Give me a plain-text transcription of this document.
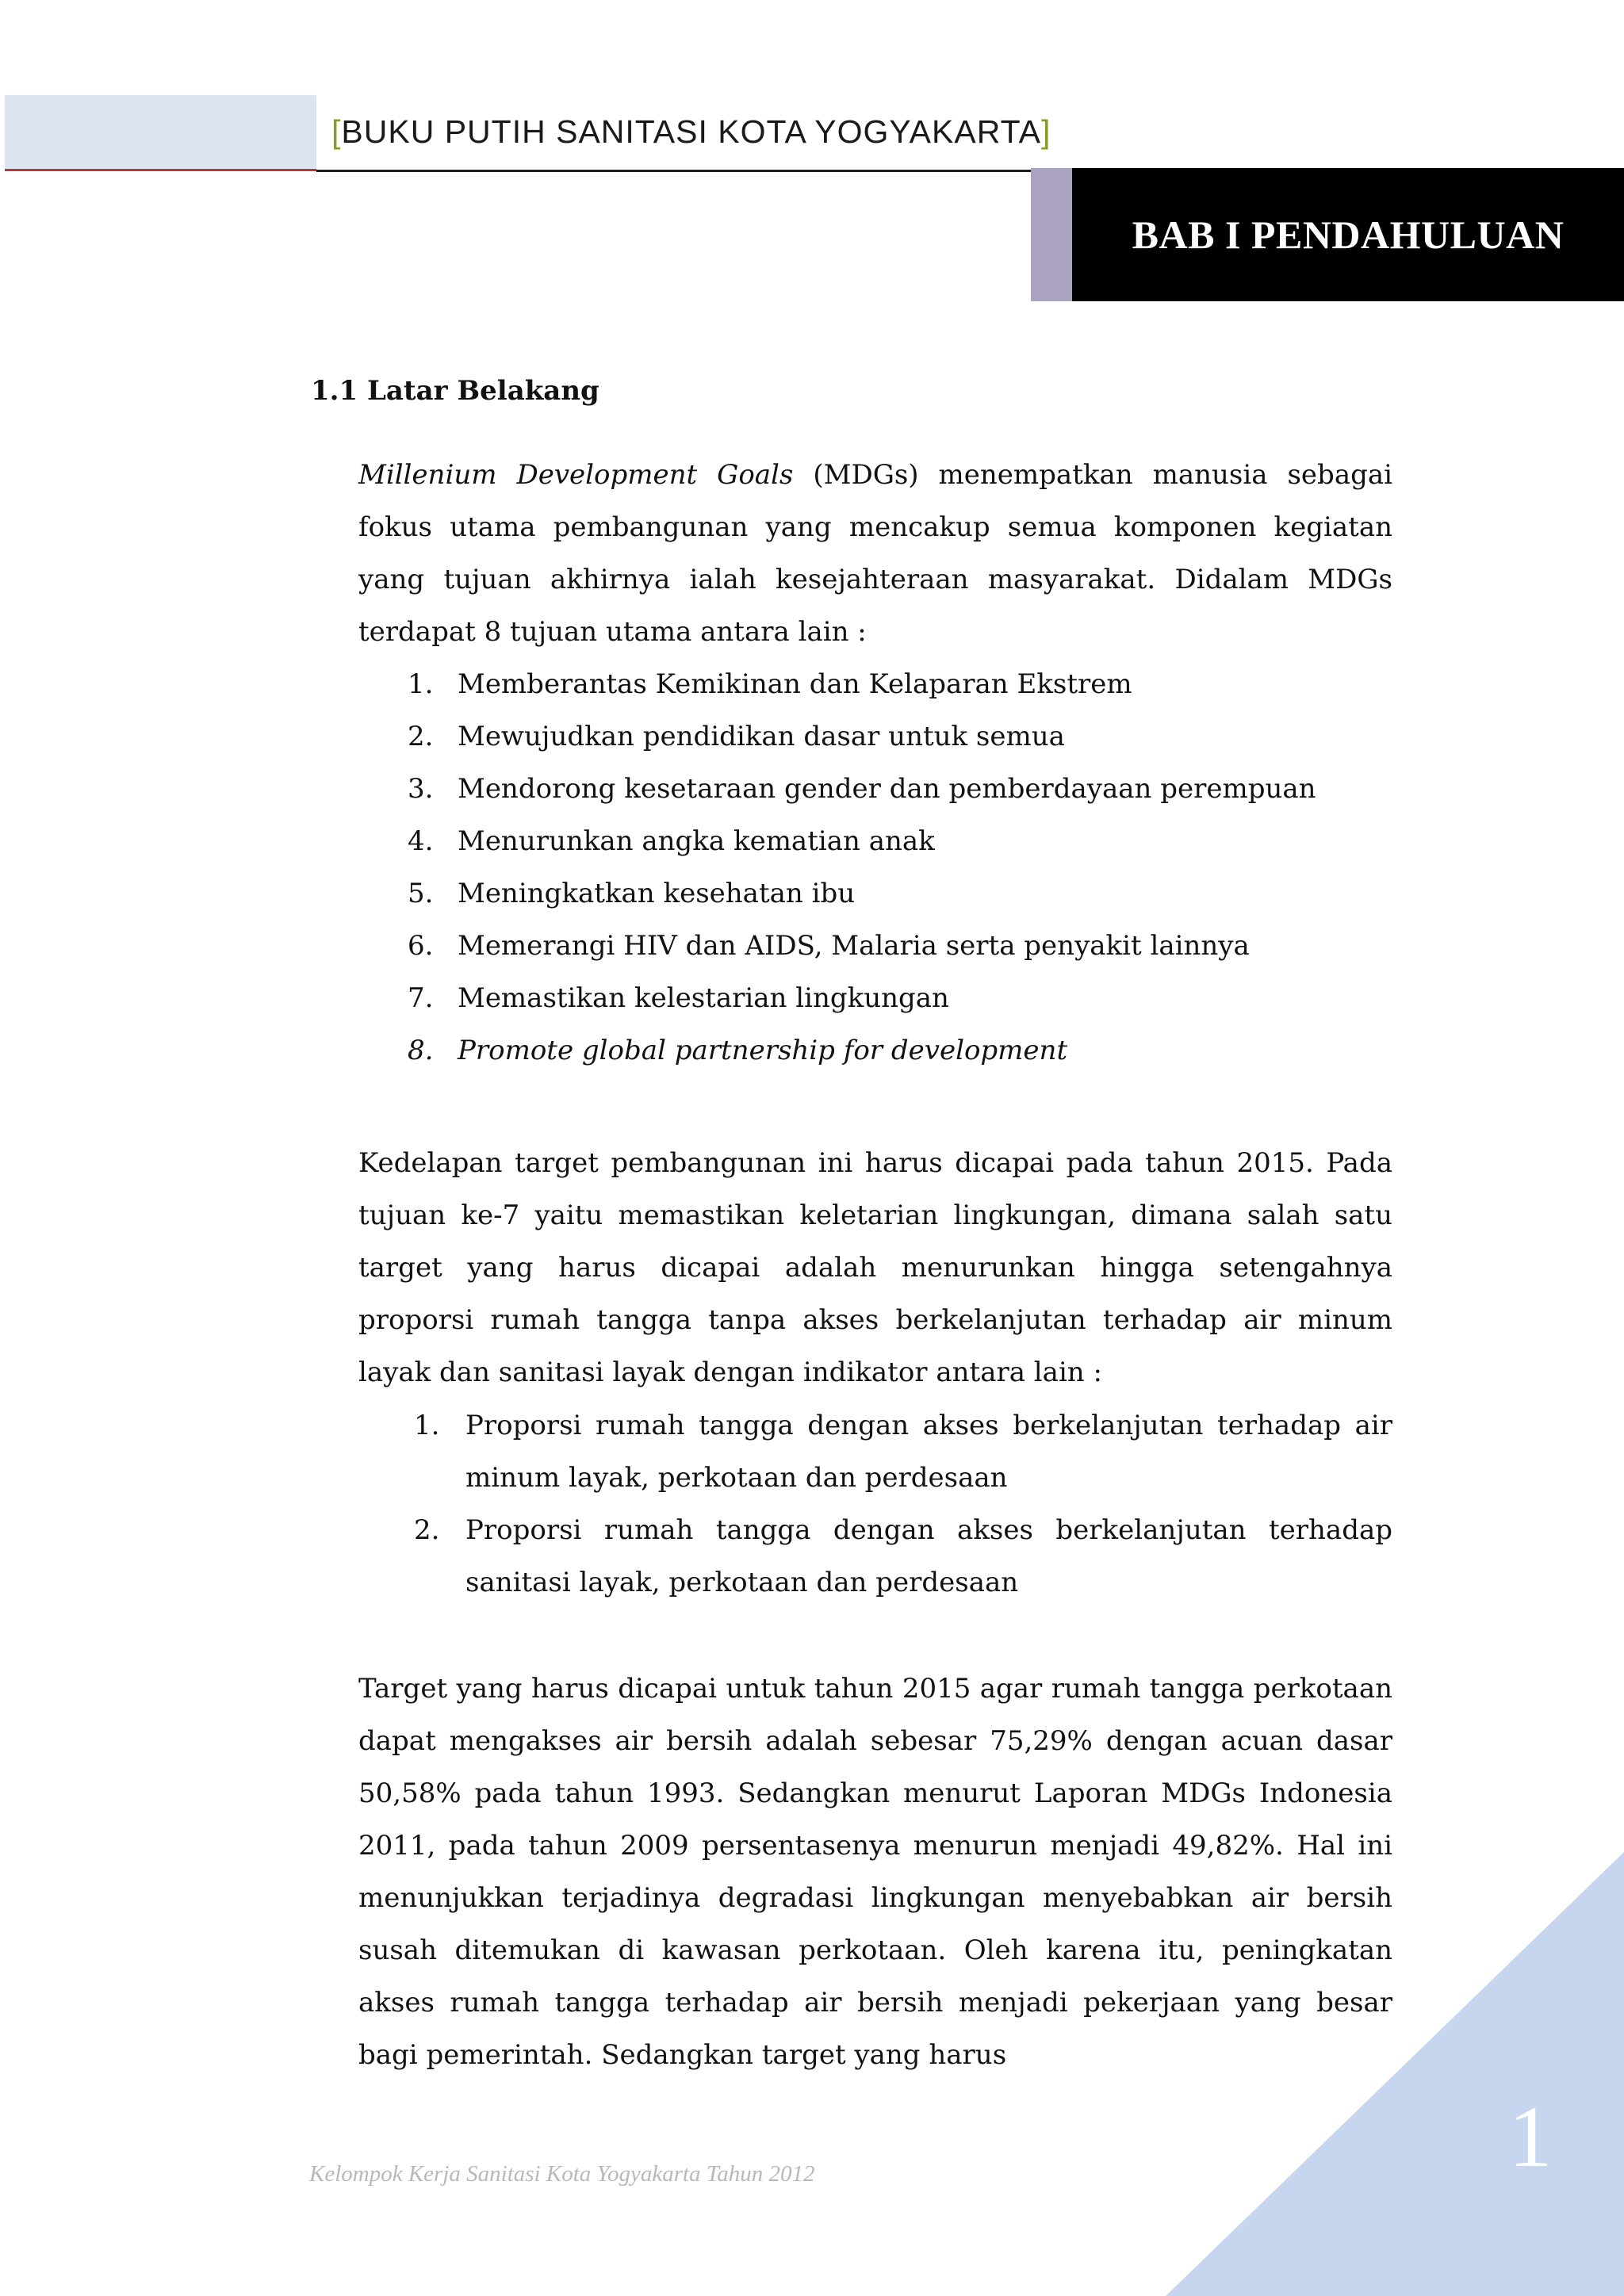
[BUKU PUTIH SANITASI KOTA YOGYAKARTA]
BAB I PENDAHULUAN
1.1 Latar Belakang
Millenium Development Goals (MDGs) menempatkan manusia sebagai fokus utama pembangunan yang mencakup semua komponen kegiatan yang tujuan akhirnya ialah kesejahteraan masyarakat. Didalam MDGs terdapat 8 tujuan utama antara lain :
1. Memberantas Kemikinan dan Kelaparan Ekstrem
2. Mewujudkan pendidikan dasar untuk semua
3. Mendorong kesetaraan gender dan pemberdayaan perempuan
4. Menurunkan angka kematian anak
5. Meningkatkan kesehatan ibu
6. Memerangi HIV dan AIDS, Malaria serta penyakit lainnya
7. Memastikan kelestarian lingkungan
8. Promote global partnership for development
Kedelapan target pembangunan ini harus dicapai pada tahun 2015. Pada tujuan ke-7 yaitu memastikan keletarian lingkungan, dimana salah satu target yang harus dicapai adalah menurunkan hingga setengahnya proporsi rumah tangga tanpa akses berkelanjutan terhadap air minum layak dan sanitasi layak dengan indikator antara lain :
1. Proporsi rumah tangga dengan akses berkelanjutan terhadap air minum layak, perkotaan dan perdesaan
2. Proporsi rumah tangga dengan akses berkelanjutan terhadap sanitasi layak, perkotaan dan perdesaan
Target yang harus dicapai untuk tahun 2015 agar rumah tangga perkotaan dapat mengakses air bersih adalah sebesar 75,29% dengan acuan dasar 50,58% pada tahun 1993. Sedangkan menurut Laporan MDGs Indonesia 2011, pada tahun 2009 persentasenya menurun menjadi 49,82%. Hal ini menunjukkan terjadinya degradasi lingkungan menyebabkan air bersih susah ditemukan di kawasan perkotaan. Oleh karena itu, peningkatan akses rumah tangga terhadap air bersih menjadi pekerjaan yang besar bagi pemerintah. Sedangkan target yang harus
1
Kelompok Kerja Sanitasi Kota Yogyakarta Tahun 2012
